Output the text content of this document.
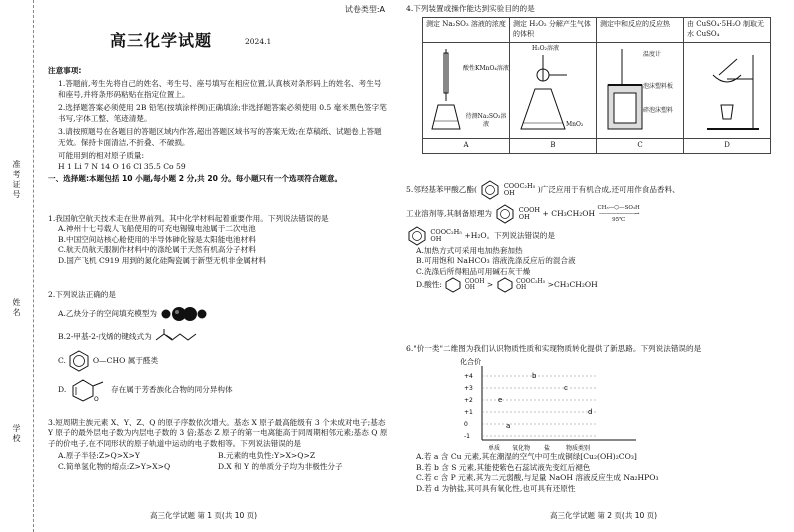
准考证号
姓名
学校
试卷类型:A
高三化学试题	2024.1

注意事项:

1.答题前,考生先将自己的姓名、考生号、座号填写在相应位置,认真核对条形码上的姓名、考生号和座号,并将条形码粘贴在指定位置上。

2.选择题答案必须使用 2B 铅笔(按填涂样例)正确填涂;非选择题答案必须使用 0.5 毫米黑色签字笔书写,字体工整、笔迹清楚。

3.请按照题号在各题目的答题区域内作答,超出答题区域书写的答案无效;在草稿纸、试题卷上答题无效。保持卡面清洁,不折叠、不破损。

可能用到的相对原子质量:

H 1 Li 7 N 14 O 16 Cl 35.5 Co 59

一、选择题:本题包括 10 小题,每小题 2 分,共 20 分。每小题只有一个选项符合题意。

1.我国航空航天技术走在世界前列。其中化学材料起着重要作用。下列说法错误的是

A.神州十七号载人飞船使用的可充电锡镍电池属于二次电池

B.中国空间站核心舱使用的半导体砷化镓是太阳能电池材料

C.航天员航天服制作材料中的涤纶属于天然有机高分子材料

D.国产飞机 C919 用到的氮化硅陶瓷属于新型无机非金属材料

2.下列说法正确的是

A.乙炔分子的空间填充模型为

B.2-甲基-2-戊烯的键线式为

C.	O—CHO 属于醛类

D.
O
存在属于芳香族化合物的同分异构体

3.短周期主族元素 X、Y、Z、Q 的原子序数依次增大。基态 X 原子最高能级有 3 个未成对电子;基态 Y 原子的最外层电子数为内层电子数的 3 倍;基态 Z 原子的第一电离能高于同周期相邻元素;基态 Q 原子的价电子,在不同形状的原子轨道中运动的电子数相等。下列说法错误的是

A.原子半径:Z>Q>X>Y	B.元素的电负性:Y>X>Q>Z
C.简单氢化物的熔点:Z>Y>X>Q	D.X 和 Y 的单质分子均为非极性分子
高三化学试题 第 1 页(共 10 页)

4.下列装置或操作能达到实验目的的是

测定 Na₂SO₃ 溶液的浓度	测定 H₂O₂ 分解产生气体的体积	测定中和反应的反应热	由 CuSO₄·5H₂O 制取无水 CuSO₄

酸性KMnO₄溶液
待测Na₂SO₃溶液	H₂O₂溶液
MnO₂	温度计
泡沫塑料板
碎泡沫塑料

A	B	C	D

5.邻羟基苯甲酸乙酯(	COOC₂H₅
OH	)广泛应用于有机合成,还可用作食品香料、

工业溶剂等,其制备原理为	COOH
OH + CH₃CH₂OH CH₃—⬡—SO₃H
————————→
95℃

COOC₂H₅
OH	+H₂O。下列说法错误的是

A.加热方式可采用电加热套加热

B.可用饱和 NaHCO₃ 溶液洗涤反应后的混合液

C.洗涤后所得粗品可用碱石灰干燥

D.酸性:	COOH
OH >	COOC₂H₅
OH	>CH₃CH₂OH

6."价一类"二维图为我们认识物质性质和实现物质转化提供了新思路。下列说法错误的是

化合价
+4
+3
+2
+1
0
-1
a
b
c
d
e
单质 氧化物 盐	物质类别

A.若 a 含 Cu 元素,其在潮湿的空气中可生成铜绿[Cu₂(OH)₂CO₃]

B.若 b 含 S 元素,其能使紫色石蕊试液先变红后褪色

C.若 c 含 P 元素,其为二元弱酸,与足量 NaOH 溶液反应生成 Na₂HPO₃

D.若 d 为钠盐,其可具有氧化性,也可具有还原性

高三化学试题 第 2 页(共 10 页)
